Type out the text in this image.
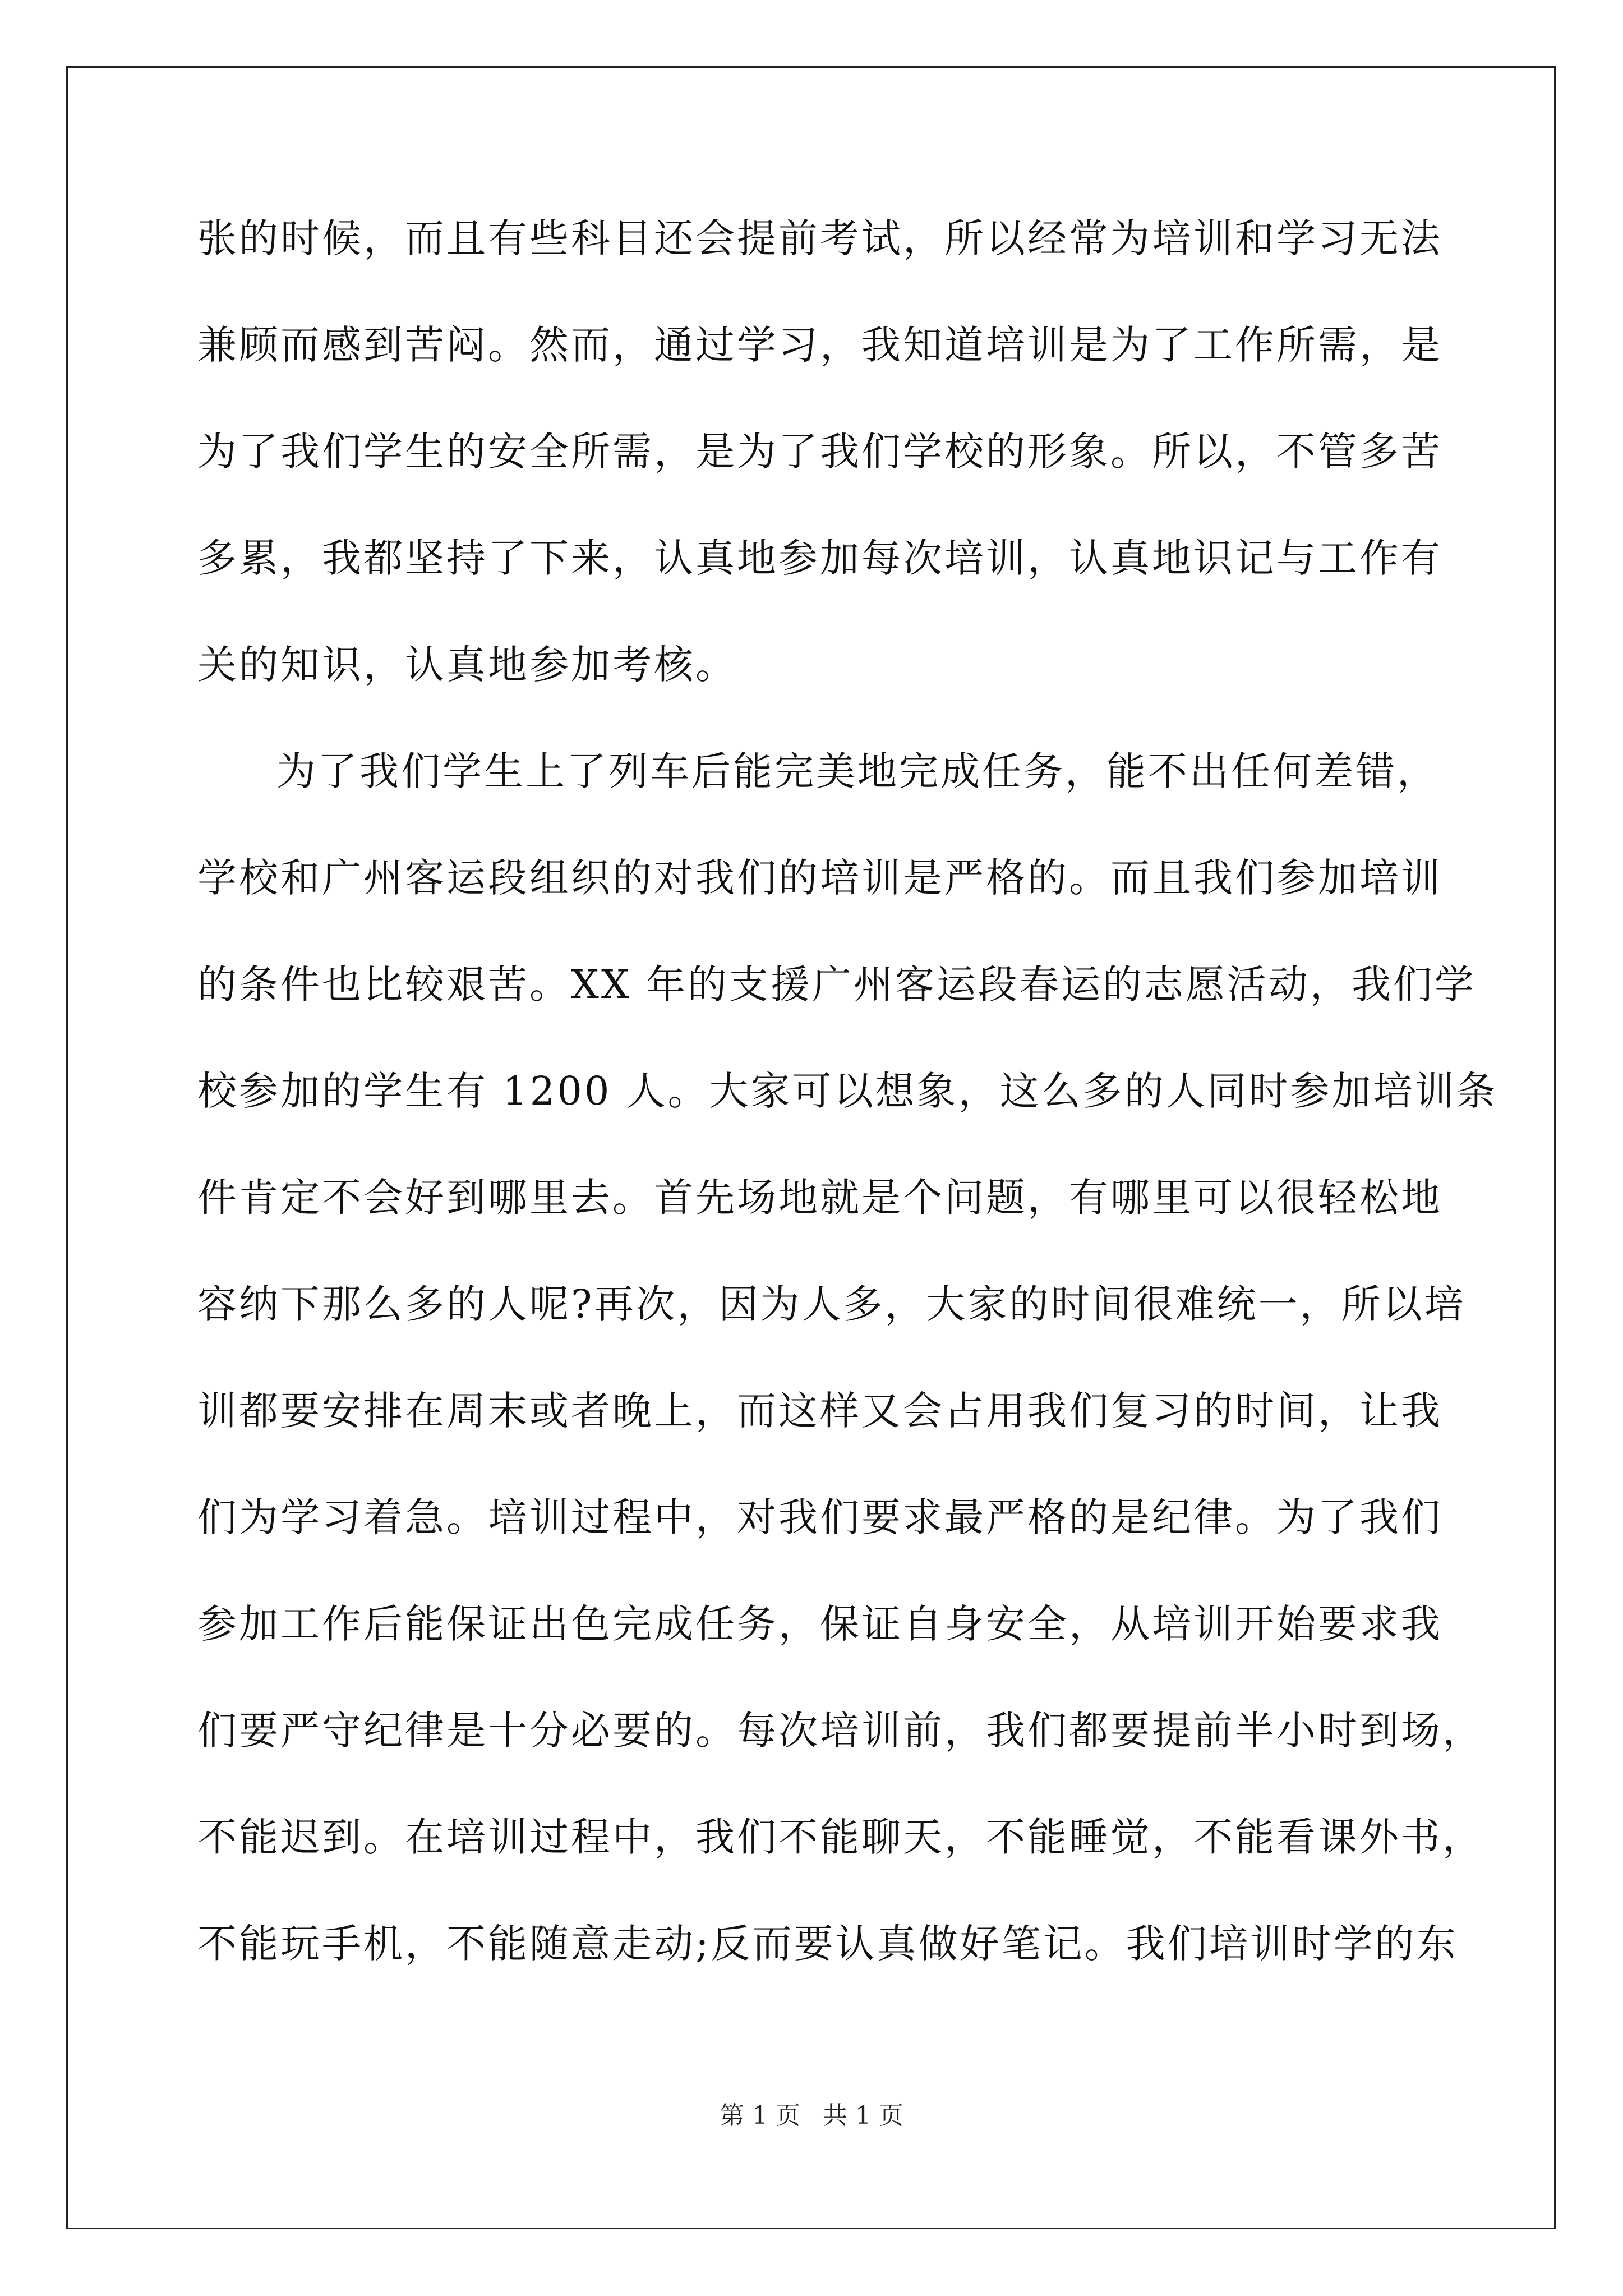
张的时候，而且有些科目还会提前考试，所以经常为培训和学习无法
兼顾而感到苦闷。然而，通过学习，我知道培训是为了工作所需，是
为了我们学生的安全所需，是为了我们学校的形象。所以，不管多苦
多累，我都坚持了下来，认真地参加每次培训，认真地识记与工作有
关的知识，认真地参加考核。
为了我们学生上了列车后能完美地完成任务，能不出任何差错，
学校和广州客运段组织的对我们的培训是严格的。而且我们参加培训
的条件也比较艰苦。XX 年的支援广州客运段春运的志愿活动，我们学
校参加的学生有 1200 人。大家可以想象，这么多的人同时参加培训条
件肯定不会好到哪里去。首先场地就是个问题，有哪里可以很轻松地
容纳下那么多的人呢?再次，因为人多，大家的时间很难统一，所以培
训都要安排在周末或者晚上，而这样又会占用我们复习的时间，让我
们为学习着急。培训过程中，对我们要求最严格的是纪律。为了我们
参加工作后能保证出色完成任务，保证自身安全，从培训开始要求我
们要严守纪律是十分必要的。每次培训前，我们都要提前半小时到场，
不能迟到。在培训过程中，我们不能聊天，不能睡觉，不能看课外书，
不能玩手机，不能随意走动;反而要认真做好笔记。我们培训时学的东
第 1 页 共 1 页
